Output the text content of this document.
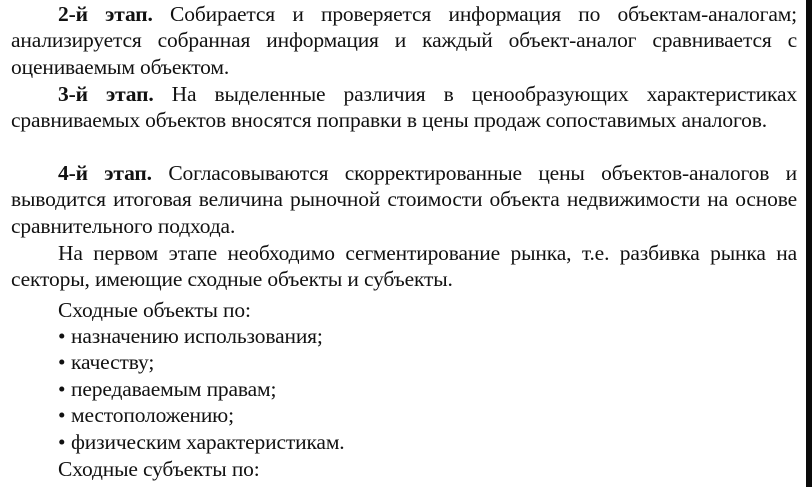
2-й этап. Собирается и проверяется информация по объектам-аналогам; анализируется собранная информация и каждый объект-аналог сравнивается с оцениваемым объектом.

3-й этап. На выделенные различия в ценообразующих характеристиках сравниваемых объектов вносятся поправки в цены продаж сопоставимых аналогов.

4-й этап. Согласовываются скорректированные цены объектов-аналогов и выводится итоговая величина рыночной стоимости объекта недвижимости на основе сравнительного подхода.

На первом этапе необходимо сегментирование рынка, т.е. разбивка рынка на секторы, имеющие сходные объекты и субъекты.

Сходные объекты по:

• назначению использования;
• качеству;
• передаваемым правам;
• местоположению;
• физическим характеристикам.

Сходные субъекты по:
